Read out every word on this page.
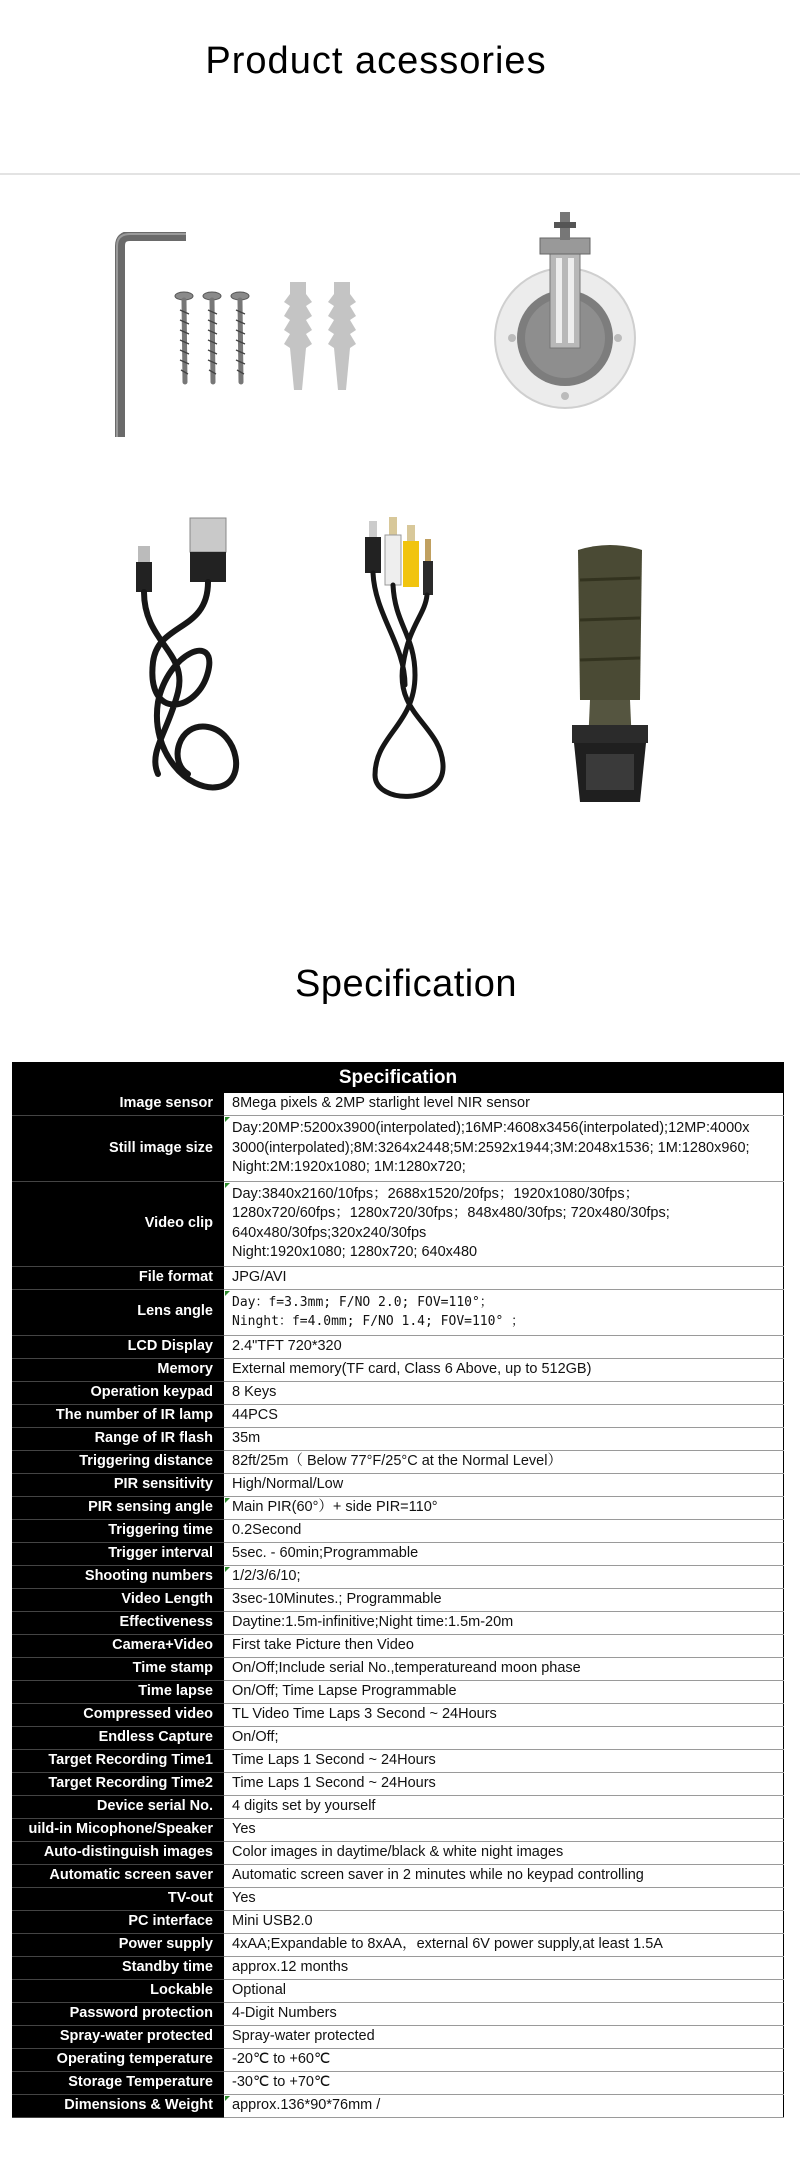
Product acessories
Specification
Specification	
Image sensor	8Mega pixels & 2MP starlight level NIR sensor
Still image size	Day:20MP:5200x3900(interpolated);16MP:4608x3456(interpolated);12MP:4000x
3000(interpolated);8M:3264x2448;5M:2592x1944;3M:2048x1536; 1M:1280x960;
Night:2M:1920x1080; 1M:1280x720;

Video clip	Day:3840x2160/10fps；2688x1520/20fps；1920x1080/30fps；
1280x720/60fps；1280x720/30fps；848x480/30fps; 720x480/30fps;
640x480/30fps;320x240/30fps
Night:1920x1080; 1280x720; 640x480

File format	JPG/AVI
Lens angle	Day：f=3.3mm; F/NO 2.0; FOV=110°；
Ninght：f=4.0mm; F/NO 1.4; FOV=110° ；

LCD Display	2.4"TFT 720*320
Memory	External memory(TF card, Class 6 Above, up to 512GB)
Operation keypad	8 Keys
The number of IR lamp	44PCS
Range of IR flash	35m
Triggering distance	82ft/25m（ Below 77°F/25°C at the Normal Level）
PIR sensitivity	High/Normal/Low
PIR sensing angle	Main PIR(60°）+ side PIR=110°

Triggering time	0.2Second
Trigger interval	5sec. - 60min;Programmable
Shooting numbers	1/2/3/6/10;

Video Length	3sec-10Minutes.; Programmable
Effectiveness	Daytine:1.5m-infinitive;Night time:1.5m-20m
Camera+Video	First take Picture then Video
Time stamp	On/Off;Include serial No.,temperatureand moon phase
Time lapse	On/Off; Time Lapse Programmable
Compressed video	TL Video Time Laps 3 Second ~ 24Hours
Endless Capture	On/Off;
Target Recording Time1	Time Laps 1 Second ~ 24Hours
Target Recording Time2	Time Laps 1 Second ~ 24Hours
Device serial No.	4 digits set by yourself
uild-in Micophone/Speaker	Yes
Auto-distinguish images	Color images in daytime/black & white night images
Automatic screen saver	Automatic screen saver in 2 minutes while no keypad controlling
TV-out	Yes
PC interface	Mini USB2.0
Power supply	4xAA;Expandable to 8xAA，external 6V power supply,at least 1.5A
Standby time	approx.12 months
Lockable	Optional
Password protection	4-Digit Numbers
Spray-water protected	Spray-water protected
Operating temperature	-20℃ to +60℃
Storage Temperature	-30℃ to +70℃
Dimensions & Weight	approx.136*90*76mm /
